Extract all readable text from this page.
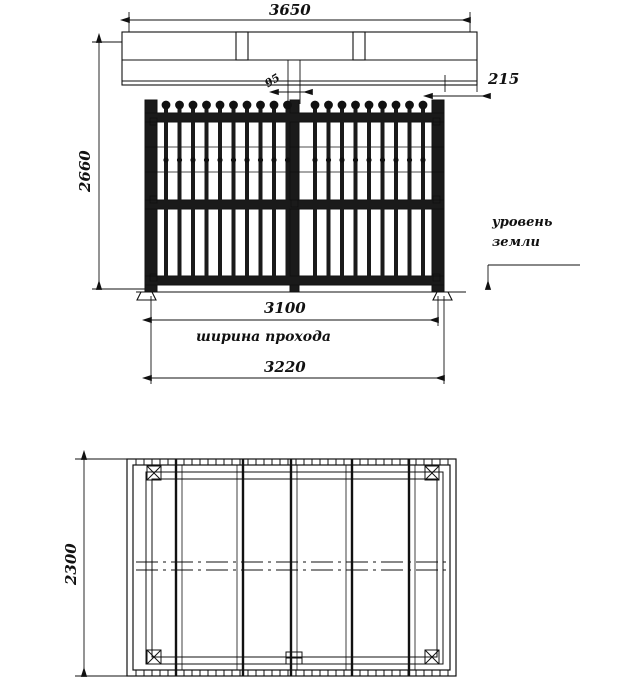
3650
2660
215
95
3100
ширина прохода
3220
уровень
земли
2300
